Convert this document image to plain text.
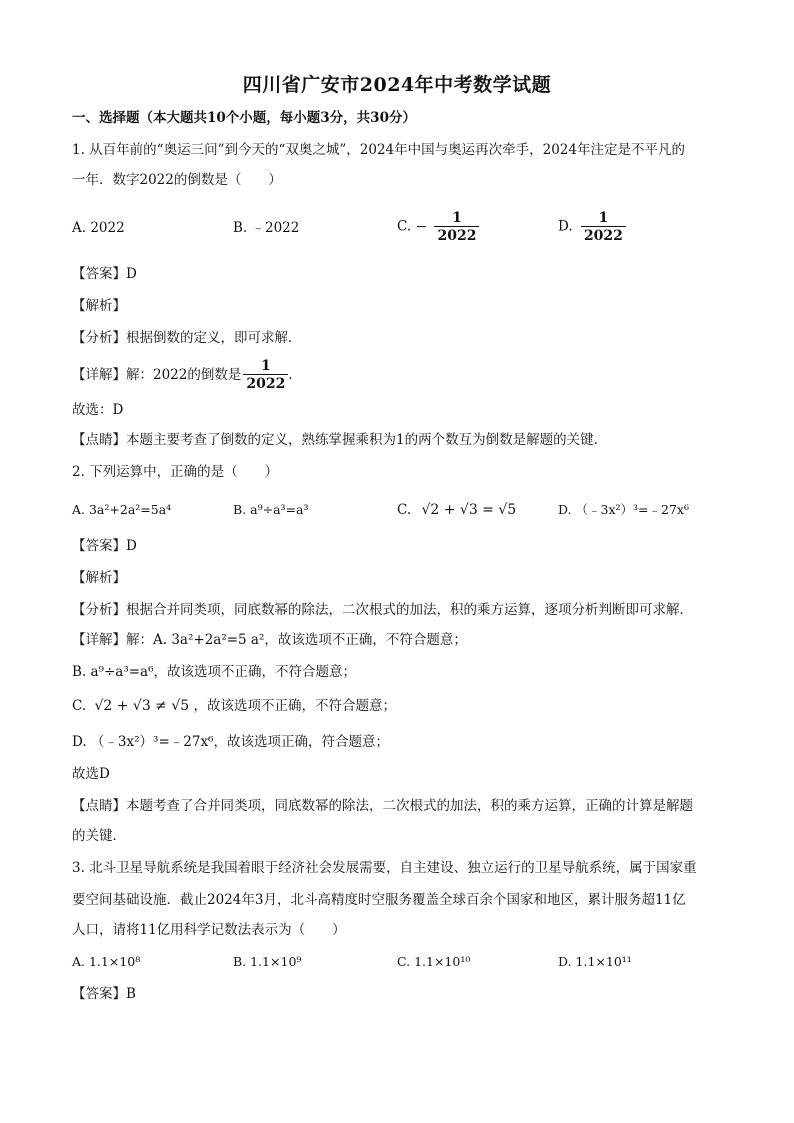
四川省广安市2024年中考数学试题
一、选择题（本大题共10个小题，每小题3分，共30分）
1. 从百年前的“奥运三问”到今天的“双奥之城”，2024年中国与奥运再次牵手，2024年注定是不平凡的
一年．数字2022的倒数是（　　）
A. 2022	B. ﹣2022	C. − $\frac{1}{2022}$	D. $\frac{1}{2022}$
【答案】D
【解析】
【分析】根据倒数的定义，即可求解．
【详解】解：2022的倒数是 $\frac{1}{2022}$ ．
故选：D
【点睛】本题主要考查了倒数的定义，熟练掌握乘积为1的两个数互为倒数是解题的关键．
2. 下列运算中，正确的是（　　）
A. 3a²+2a²=5a⁴	B. a⁹÷a³=a³	C. √2 + √3 = √5	D. （﹣3x²）³=﹣27x⁶
【答案】D
【解析】
【分析】根据合并同类项，同底数幂的除法，二次根式的加法，积的乘方运算，逐项分析判断即可求解．
【详解】解：A. 3a²+2a²=5 a²，故该选项不正确，不符合题意；
B. a⁹÷a³=a⁶，故该选项不正确，不符合题意；
C. √2 + √3 ≠ √5 ，故该选项不正确，不符合题意；
D. （﹣3x²）³=﹣27x⁶，故该选项正确，符合题意；
故选D
【点睛】本题考查了合并同类项，同底数幂的除法，二次根式的加法，积的乘方运算，正确的计算是解题
的关键．
3. 北斗卫星导航系统是我国着眼于经济社会发展需要，自主建设、独立运行的卫星导航系统，属于国家重
要空间基础设施．截止2024年3月，北斗高精度时空服务覆盖全球百余个国家和地区，累计服务超11亿
人口，请将11亿用科学记数法表示为（　　）
A. 1.1×10⁸	B. 1.1×10⁹	C. 1.1×10¹⁰	D. 1.1×10¹¹
【答案】B
